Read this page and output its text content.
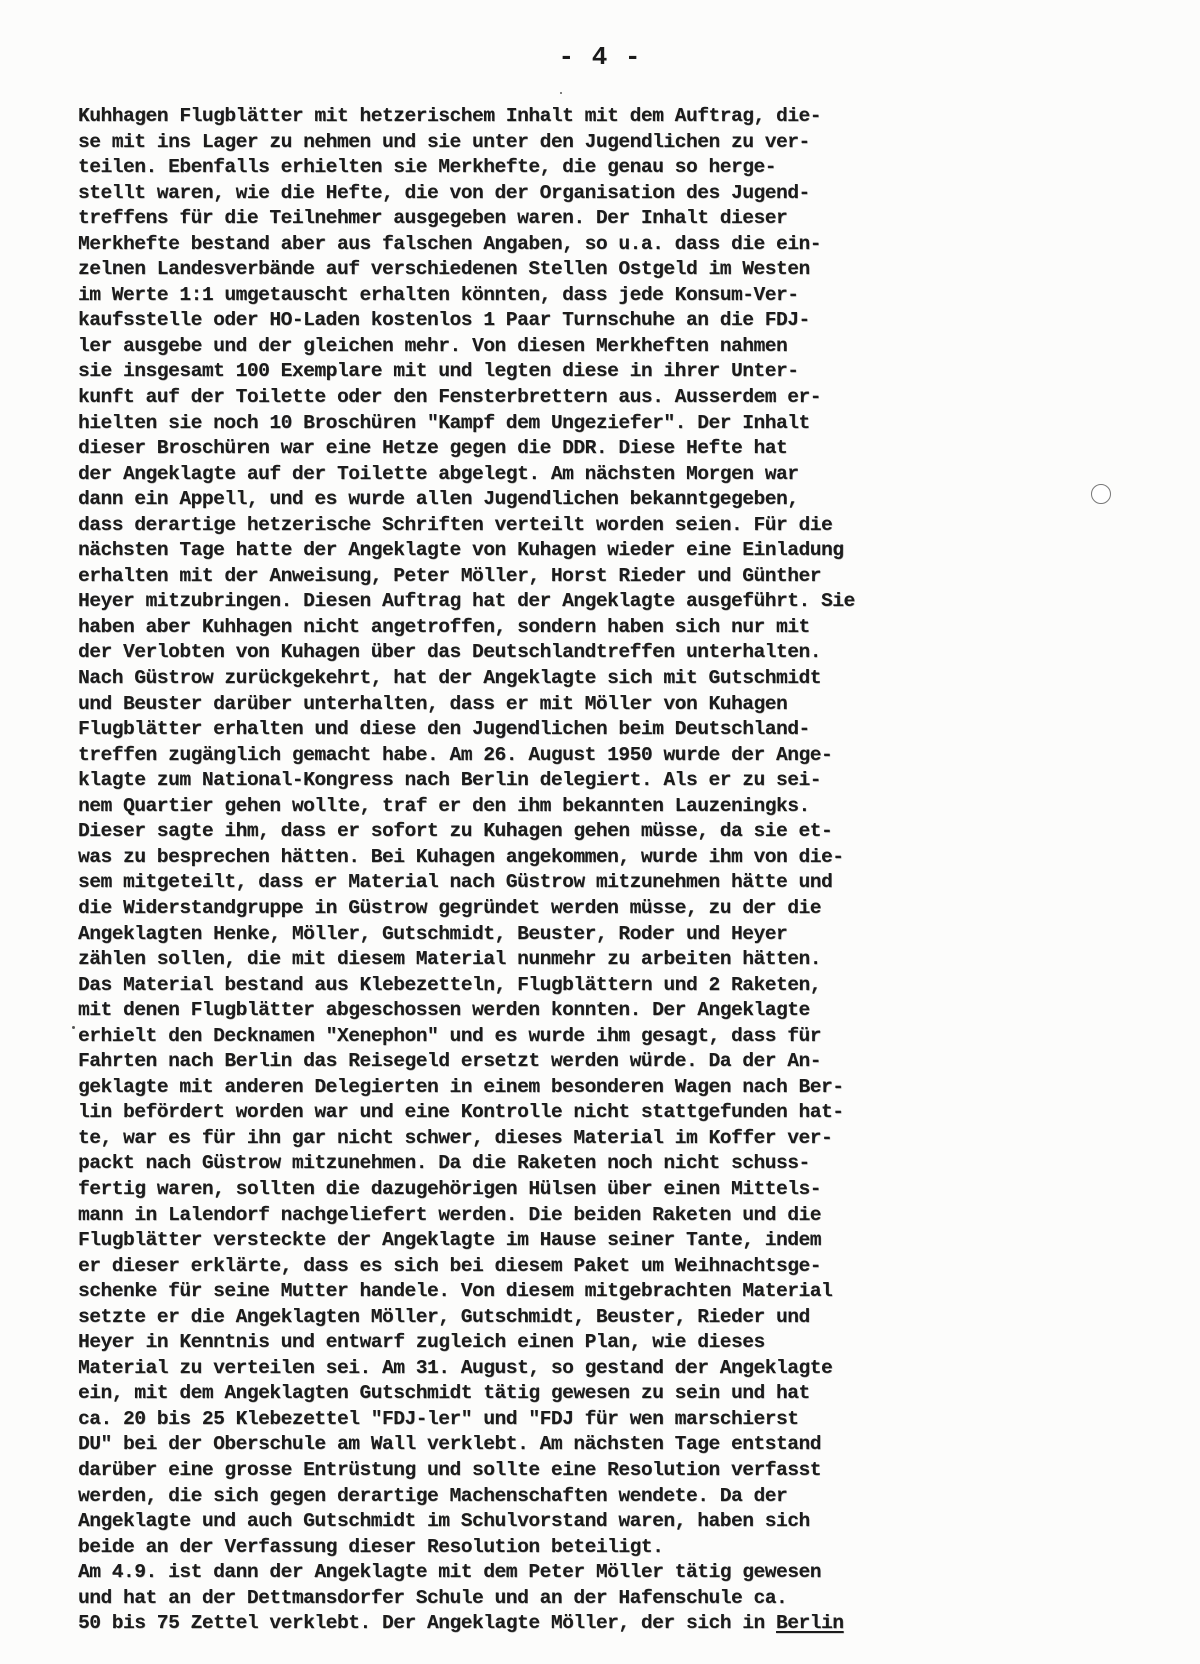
- 4 -
Kuhhagen Flugblätter mit hetzerischem Inhalt mit dem Auftrag, die-
se mit ins Lager zu nehmen und sie unter den Jugendlichen zu ver-
teilen. Ebenfalls erhielten sie Merkhefte, die genau so herge-
stellt waren, wie die Hefte, die von der Organisation des Jugend-
treffens für die Teilnehmer ausgegeben waren. Der Inhalt dieser
Merkhefte bestand aber aus falschen Angaben, so u.a. dass die ein-
zelnen Landesverbände auf verschiedenen Stellen Ostgeld im Westen
im Werte 1:1 umgetauscht erhalten könnten, dass jede Konsum-Ver-
kaufsstelle oder HO-Laden kostenlos 1 Paar Turnschuhe an die FDJ-
ler ausgebe und der gleichen mehr. Von diesen Merkheften nahmen
sie insgesamt 100 Exemplare mit und legten diese in ihrer Unter-
kunft auf der Toilette oder den Fensterbrettern aus. Ausserdem er-
hielten sie noch 10 Broschüren "Kampf dem Ungeziefer". Der Inhalt
dieser Broschüren war eine Hetze gegen die DDR. Diese Hefte hat
der Angeklagte auf der Toilette abgelegt. Am nächsten Morgen war
dann ein Appell, und es wurde allen Jugendlichen bekanntgegeben,
dass derartige hetzerische Schriften verteilt worden seien. Für die
nächsten Tage hatte der Angeklagte von Kuhagen wieder eine Einladung
erhalten mit der Anweisung, Peter Möller, Horst Rieder und Günther
Heyer mitzubringen. Diesen Auftrag hat der Angeklagte ausgeführt. Sie
haben aber Kuhhagen nicht angetroffen, sondern haben sich nur mit
der Verlobten von Kuhagen über das Deutschlandtreffen unterhalten.
Nach Güstrow zurückgekehrt, hat der Angeklagte sich mit Gutschmidt
und Beuster darüber unterhalten, dass er mit Möller von Kuhagen
Flugblätter erhalten und diese den Jugendlichen beim Deutschland-
treffen zugänglich gemacht habe. Am 26. August 1950 wurde der Ange-
klagte zum National-Kongress nach Berlin delegiert. Als er zu sei-
nem Quartier gehen wollte, traf er den ihm bekannten Lauzeningks.
Dieser sagte ihm, dass er sofort zu Kuhagen gehen müsse, da sie et-
was zu besprechen hätten. Bei Kuhagen angekommen, wurde ihm von die-
sem mitgeteilt, dass er Material nach Güstrow mitzunehmen hätte und
die Widerstandgruppe in Güstrow gegründet werden müsse, zu der die
Angeklagten Henke, Möller, Gutschmidt, Beuster, Roder und Heyer
zählen sollen, die mit diesem Material nunmehr zu arbeiten hätten.
Das Material bestand aus Klebezetteln, Flugblättern und 2 Raketen,
mit denen Flugblätter abgeschossen werden konnten. Der Angeklagte
erhielt den Decknamen "Xenephon" und es wurde ihm gesagt, dass für
Fahrten nach Berlin das Reisegeld ersetzt werden würde. Da der An-
geklagte mit anderen Delegierten in einem besonderen Wagen nach Ber-
lin befördert worden war und eine Kontrolle nicht stattgefunden hat-
te, war es für ihn gar nicht schwer, dieses Material im Koffer ver-
packt nach Güstrow mitzunehmen. Da die Raketen noch nicht schuss-
fertig waren, sollten die dazugehörigen Hülsen über einen Mittels-
mann in Lalendorf nachgeliefert werden. Die beiden Raketen und die
Flugblätter versteckte der Angeklagte im Hause seiner Tante, indem
er dieser erklärte, dass es sich bei diesem Paket um Weihnachtsge-
schenke für seine Mutter handele. Von diesem mitgebrachten Material
setzte er die Angeklagten Möller, Gutschmidt, Beuster, Rieder und
Heyer in Kenntnis und entwarf zugleich einen Plan, wie dieses
Material zu verteilen sei. Am 31. August, so gestand der Angeklagte
ein, mit dem Angeklagten Gutschmidt tätig gewesen zu sein und hat
ca. 20 bis 25 Klebezettel "FDJ-ler" und "FDJ für wen marschierst
DU" bei der Oberschule am Wall verklebt. Am nächsten Tage entstand
darüber eine grosse Entrüstung und sollte eine Resolution verfasst
werden, die sich gegen derartige Machenschaften wendete. Da der
Angeklagte und auch Gutschmidt im Schulvorstand waren, haben sich
beide an der Verfassung dieser Resolution beteiligt.
Am 4.9. ist dann der Angeklagte mit dem Peter Möller tätig gewesen
und hat an der Dettmansdorfer Schule und an der Hafenschule ca.
50 bis 75 Zettel verklebt. Der Angeklagte Möller, der sich in Berlin
